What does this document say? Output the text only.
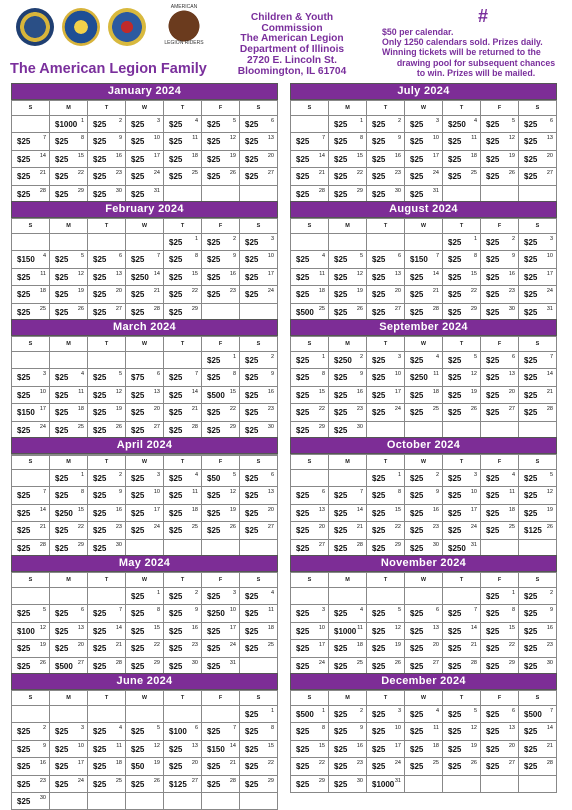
AMERICAN
LEGION RIDERS
The American Legion Family
Children & Youth
Commission
The American Legion
Department of Illinois
2720 E. Lincoln St.
Bloomington, IL 61704
#
$50 per calendar.
Only 1250 calendars sold. Prizes daily.
Winning tickets will be returned to the
drawing pool for subsequent chances
to win. Prizes will be mailed.
January 2024
S	M	T	W	T	F	S

	$1000 1	$25 2	$25 3	$25 4	$25 5	$25 6

$25 7	$25 8	$25 9	$25 10	$25 11	$25 12	$25 13

$25 14	$25 15	$25 16	$25 17	$25 18	$25 19	$25 20

$25 21	$25 22	$25 23	$25 24	$25 25	$25 26	$25 27

$25 28	$25 29	$25 30	$25 31			

July 2024
S	M	T	W	T	F	S

	$25 1	$25 2	$25 3	$250 4	$25 5	$25 6

$25 7	$25 8	$25 9	$25 10	$25 11	$25 12	$25 13

$25 14	$25 15	$25 16	$25 17	$25 18	$25 19	$25 20

$25 21	$25 22	$25 23	$25 24	$25 25	$25 26	$25 27

$25 28	$25 29	$25 30	$25 31			

February 2024
S	M	T	W	T	F	S

				$25 1	$25 2	$25 3

$150 4	$25 5	$25 6	$25 7	$25 8	$25 9	$25 10

$25 11	$25 12	$25 13	$250 14	$25 15	$25 16	$25 17

$25 18	$25 19	$25 20	$25 21	$25 22	$25 23	$25 24

$25 25	$25 26	$25 27	$25 28	$25 29		

August 2024
S	M	T	W	T	F	S

				$25 1	$25 2	$25 3

$25 4	$25 5	$25 6	$150 7	$25 8	$25 9	$25 10

$25 11	$25 12	$25 13	$25 14	$25 15	$25 16	$25 17

$25 18	$25 19	$25 20	$25 21	$25 22	$25 23	$25 24

$500 25	$25 26	$25 27	$25 28	$25 29	$25 30	$25 31
March 2024
S	M	T	W	T	F	S

					$25 1	$25 2

$25 3	$25 4	$25 5	$75 6	$25 7	$25 8	$25 9

$25 10	$25 11	$25 12	$25 13	$25 14	$500 15	$25 16

$150 17	$25 18	$25 19	$25 20	$25 21	$25 22	$25 23

$25 24	$25 25	$25 26	$25 27	$25 28	$25 29	$25 30

September 2024
S	M	T	W	T	F	S

$25 1	$250 2	$25 3	$25 4	$25 5	$25 6	$25 7

$25 8	$25 9	$25 10	$250 11	$25 12	$25 13	$25 14

$25 15	$25 16	$25 17	$25 18	$25 19	$25 20	$25 21

$25 22	$25 23	$25 24	$25 25	$25 26	$25 27	$25 28

$25 29	$25 30					

April 2024
S	M	T	W	T	F	S

	$25 1	$25 2	$25 3	$25 4	$50 5	$25 6

$25 7	$25 8	$25 9	$25 10	$25 11	$25 12	$25 13

$25 14	$250 15	$25 16	$25 17	$25 18	$25 19	$25 20

$25 21	$25 22	$25 23	$25 24	$25 25	$25 26	$25 27

$25 28	$25 29	$25 30				

October 2024
S	M	T	W	T	F	S

		$25 1	$25 2	$25 3	$25 4	$25 5

$25 6	$25 7	$25 8	$25 9	$25 10	$25 11	$25 12

$25 13	$25 14	$25 15	$25 16	$25 17	$25 18	$25 19

$25 20	$25 21	$25 22	$25 23	$25 24	$25 25	$125 26

$25 27	$25 28	$25 29	$25 30	$250 31		

May 2024
S	M	T	W	T	F	S

			$25 1	$25 2	$25 3	$25 4

$25 5	$25 6	$25 7	$25 8	$25 9	$250 10	$25 11

$100 12	$25 13	$25 14	$25 15	$25 16	$25 17	$25 18

$25 19	$25 20	$25 21	$25 22	$25 23	$25 24	$25 25

$25 26	$500 27	$25 28	$25 29	$25 30	$25 31	

November 2024
S	M	T	W	T	F	S

					$25 1	$25 2

$25 3	$25 4	$25 5	$25 6	$25 7	$25 8	$25 9

$25 10	$1000 11	$25 12	$25 13	$25 14	$25 15	$25 16

$25 17	$25 18	$25 19	$25 20	$25 21	$25 22	$25 23

$25 24	$25 25	$25 26	$25 27	$25 28	$25 29	$25 30
June 2024
S	M	T	W	T	F	S

						$25 1

$25 2	$25 3	$25 4	$25 5	$100 6	$25 7	$25 8

$25 9	$25 10	$25 11	$25 12	$25 13	$150 14	$25 15

$25 16	$25 17	$25 18	$50 19	$25 20	$25 21	$25 22

$25 23	$25 24	$25 25	$25 26	$125 27	$25 28	$25 29

$25 30						

December 2024
S	M	T	W	T	F	S

$500 1	$25 2	$25 3	$25 4	$25 5	$25 6	$500 7

$25 8	$25 9	$25 10	$25 11	$25 12	$25 13	$25 14

$25 15	$25 16	$25 17	$25 18	$25 19	$25 20	$25 21

$25 22	$25 23	$25 24	$25 25	$25 26	$25 27	$25 28

$25 29	$25 30	$1000 31				
